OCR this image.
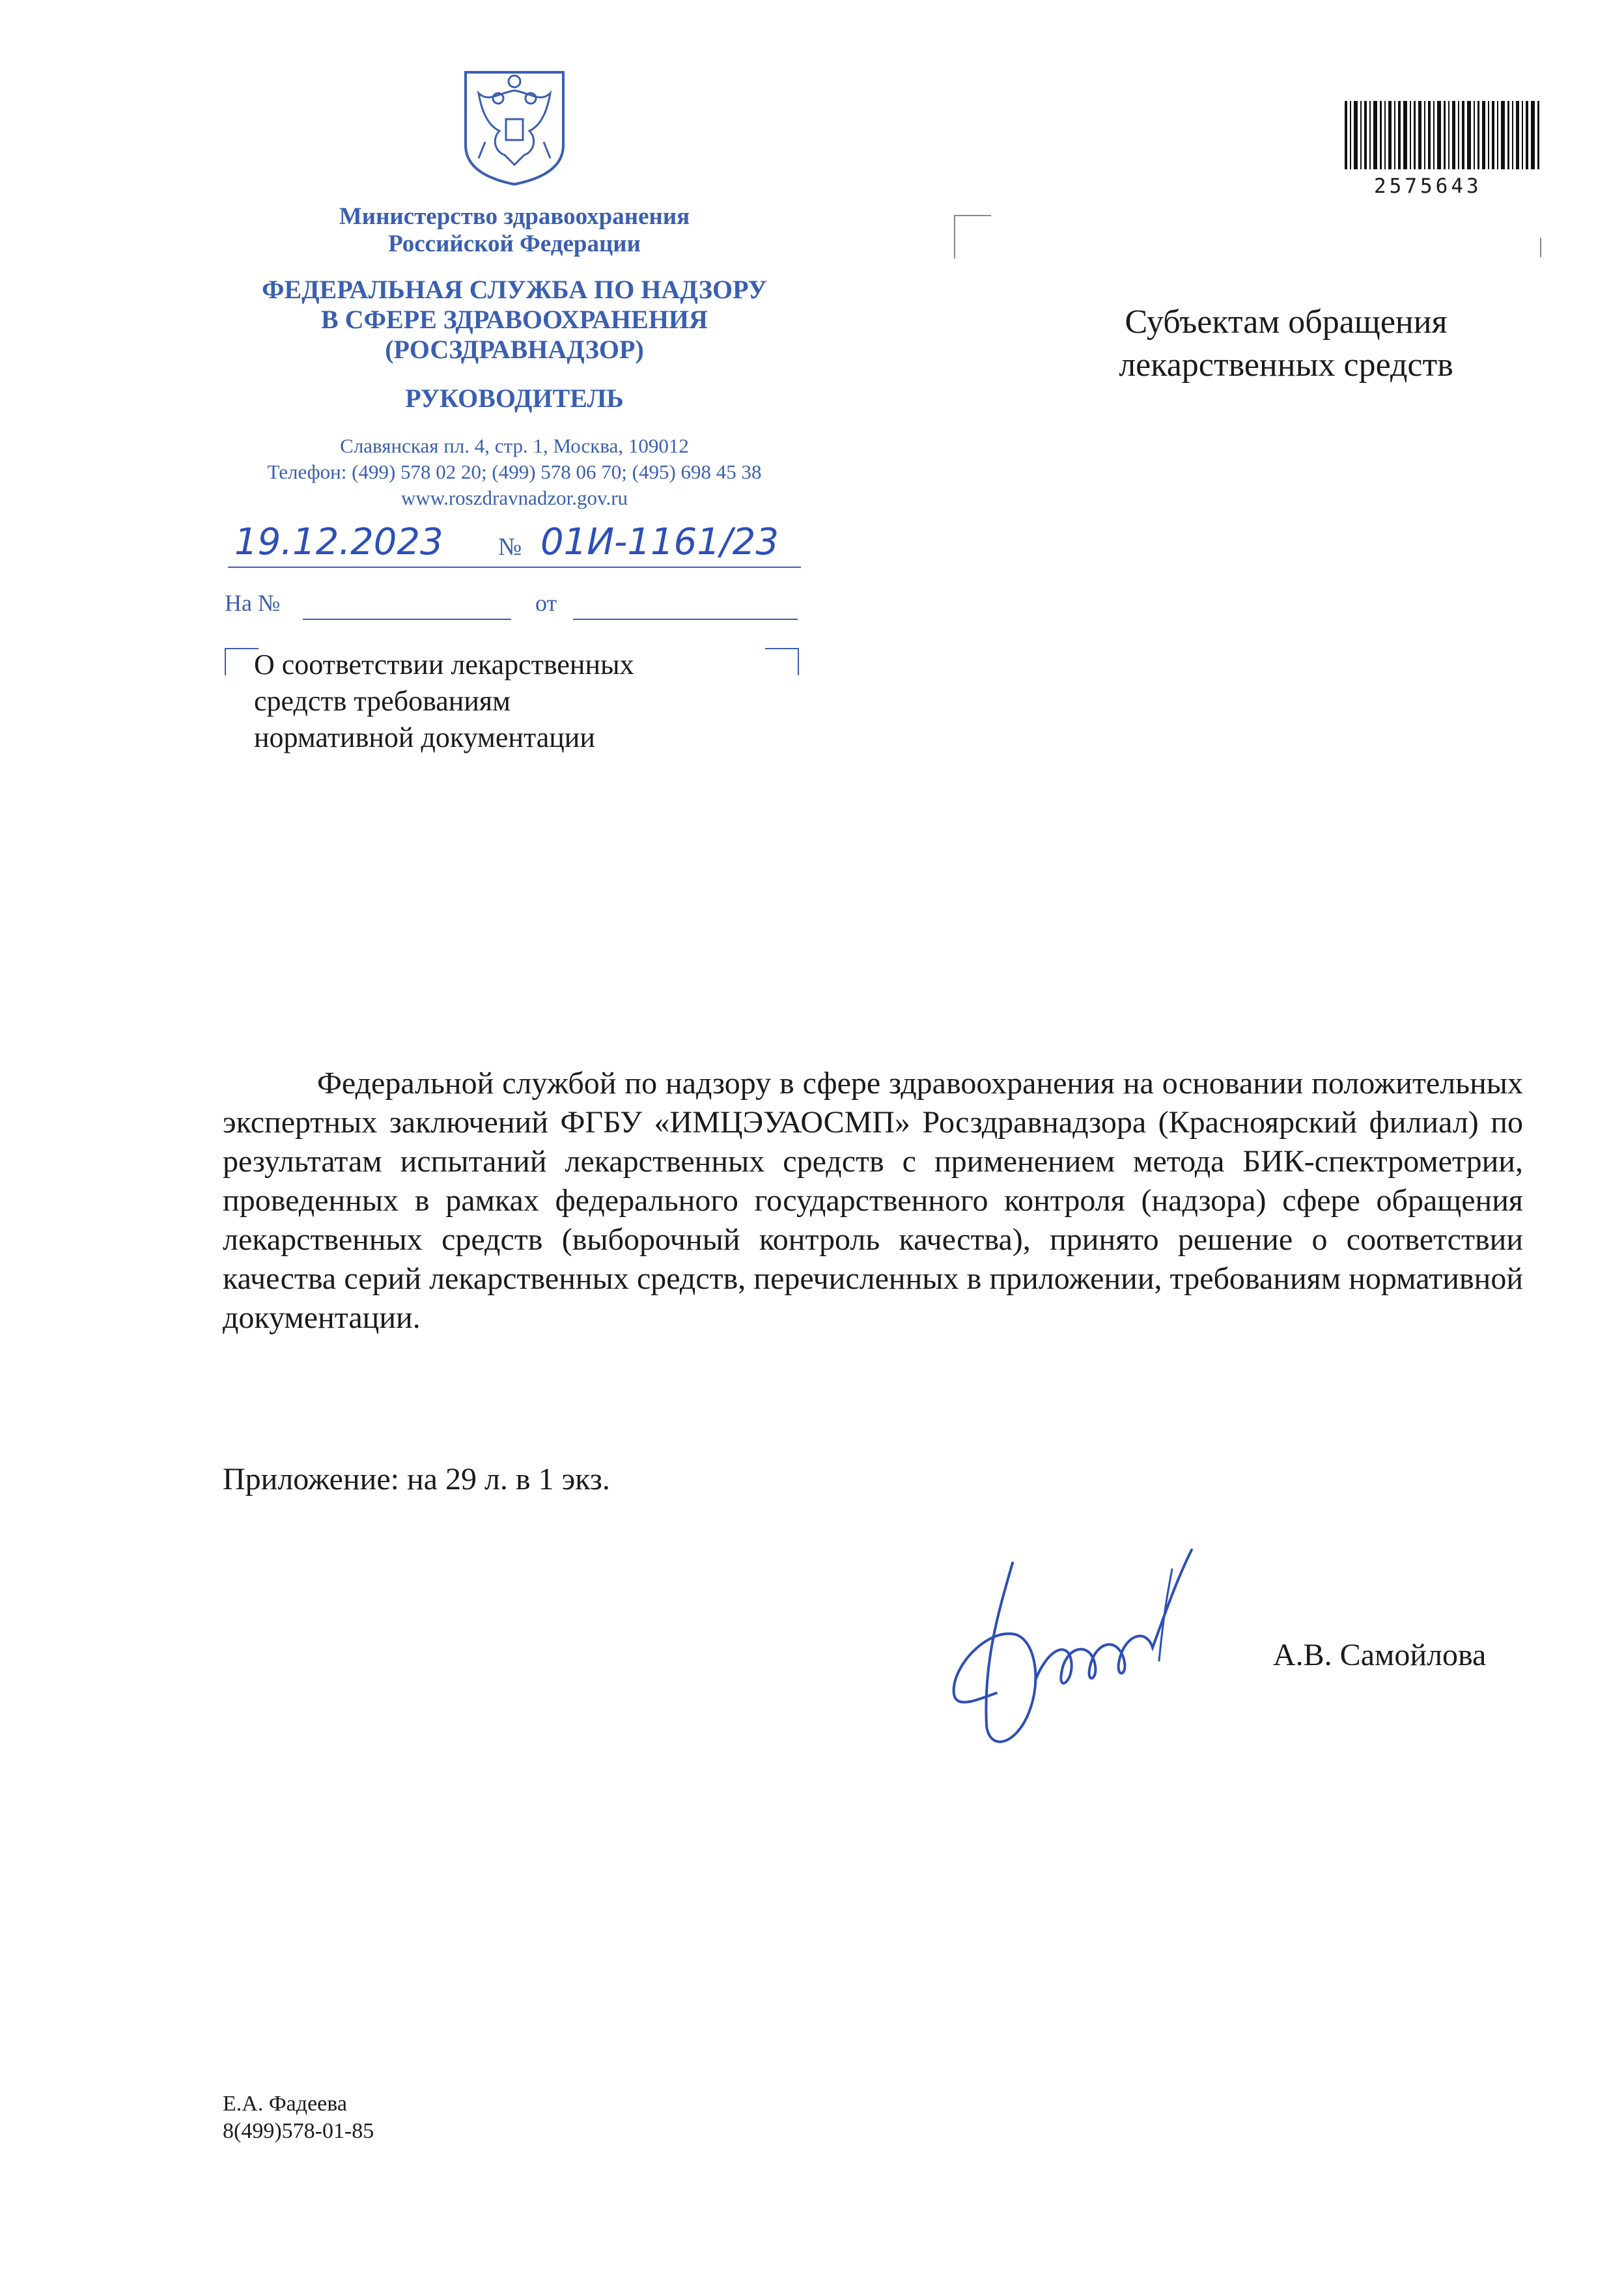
Министерство здравоохранения
Российской Федерации
ФЕДЕРАЛЬНАЯ СЛУЖБА ПО НАДЗОРУ
В СФЕРЕ ЗДРАВООХРАНЕНИЯ
(РОСЗДРАВНАДЗОР)
РУКОВОДИТЕЛЬ
Славянская пл. 4, стр. 1, Москва, 109012
Телефон: (499) 578 02 20; (499) 578 06 70; (495) 698 45 38
www.roszdravnadzor.gov.ru
19.12.2023 № 01И-1161/23
На №	от
О соответствии лекарственных
средств требованиям
нормативной документации
2575643
Субъектам обращения
лекарственных средств

Федеральной службой по надзору в сфере здравоохранения на основании положительных экспертных заключений ФГБУ «ИМЦЭУАОСМП» Росздравнадзора (Красноярский филиал) по результатам испытаний лекарственных средств с применением метода БИК-спектрометрии, проведенных в рамках федерального государственного контроля (надзора) сфере обращения лекарственных средств (выборочный контроль качества), принято решение о соответствии качества серий лекарственных средств, перечисленных в приложении, требованиям нормативной документации.

Приложение: на 29 л. в 1 экз.
А.В. Самойлова
Е.А. Фадеева
8(499)578-01-85
